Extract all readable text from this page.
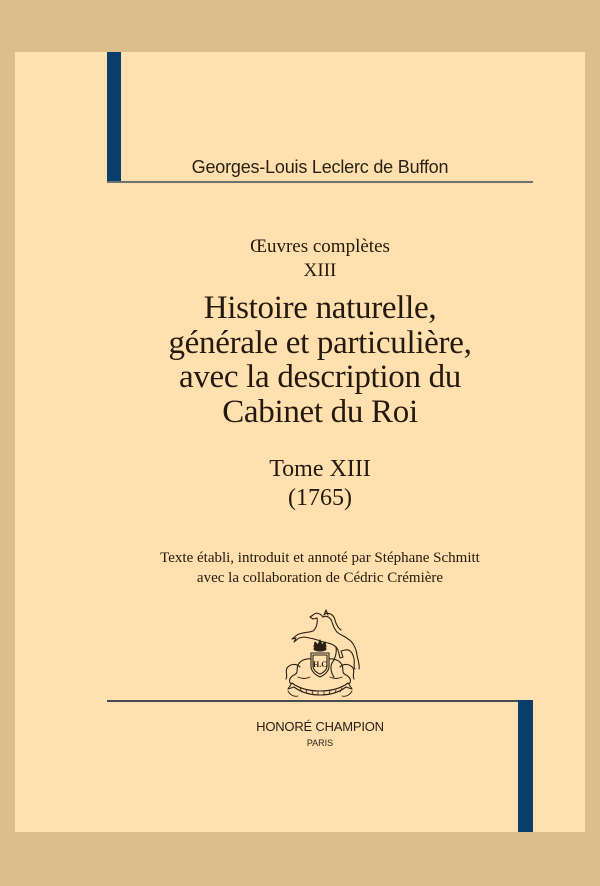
Georges-Louis Leclerc de Buffon
Œuvres complètes
XIII
Histoire naturelle,
générale et particulière,
avec la description du
Cabinet du Roi
Tome XIII
(1765)
Texte établi, introduit et annoté par Stéphane Schmitt
avec la collaboration de Cédric Crémière
H.C
HONORÉ CHAMPION
PARIS
